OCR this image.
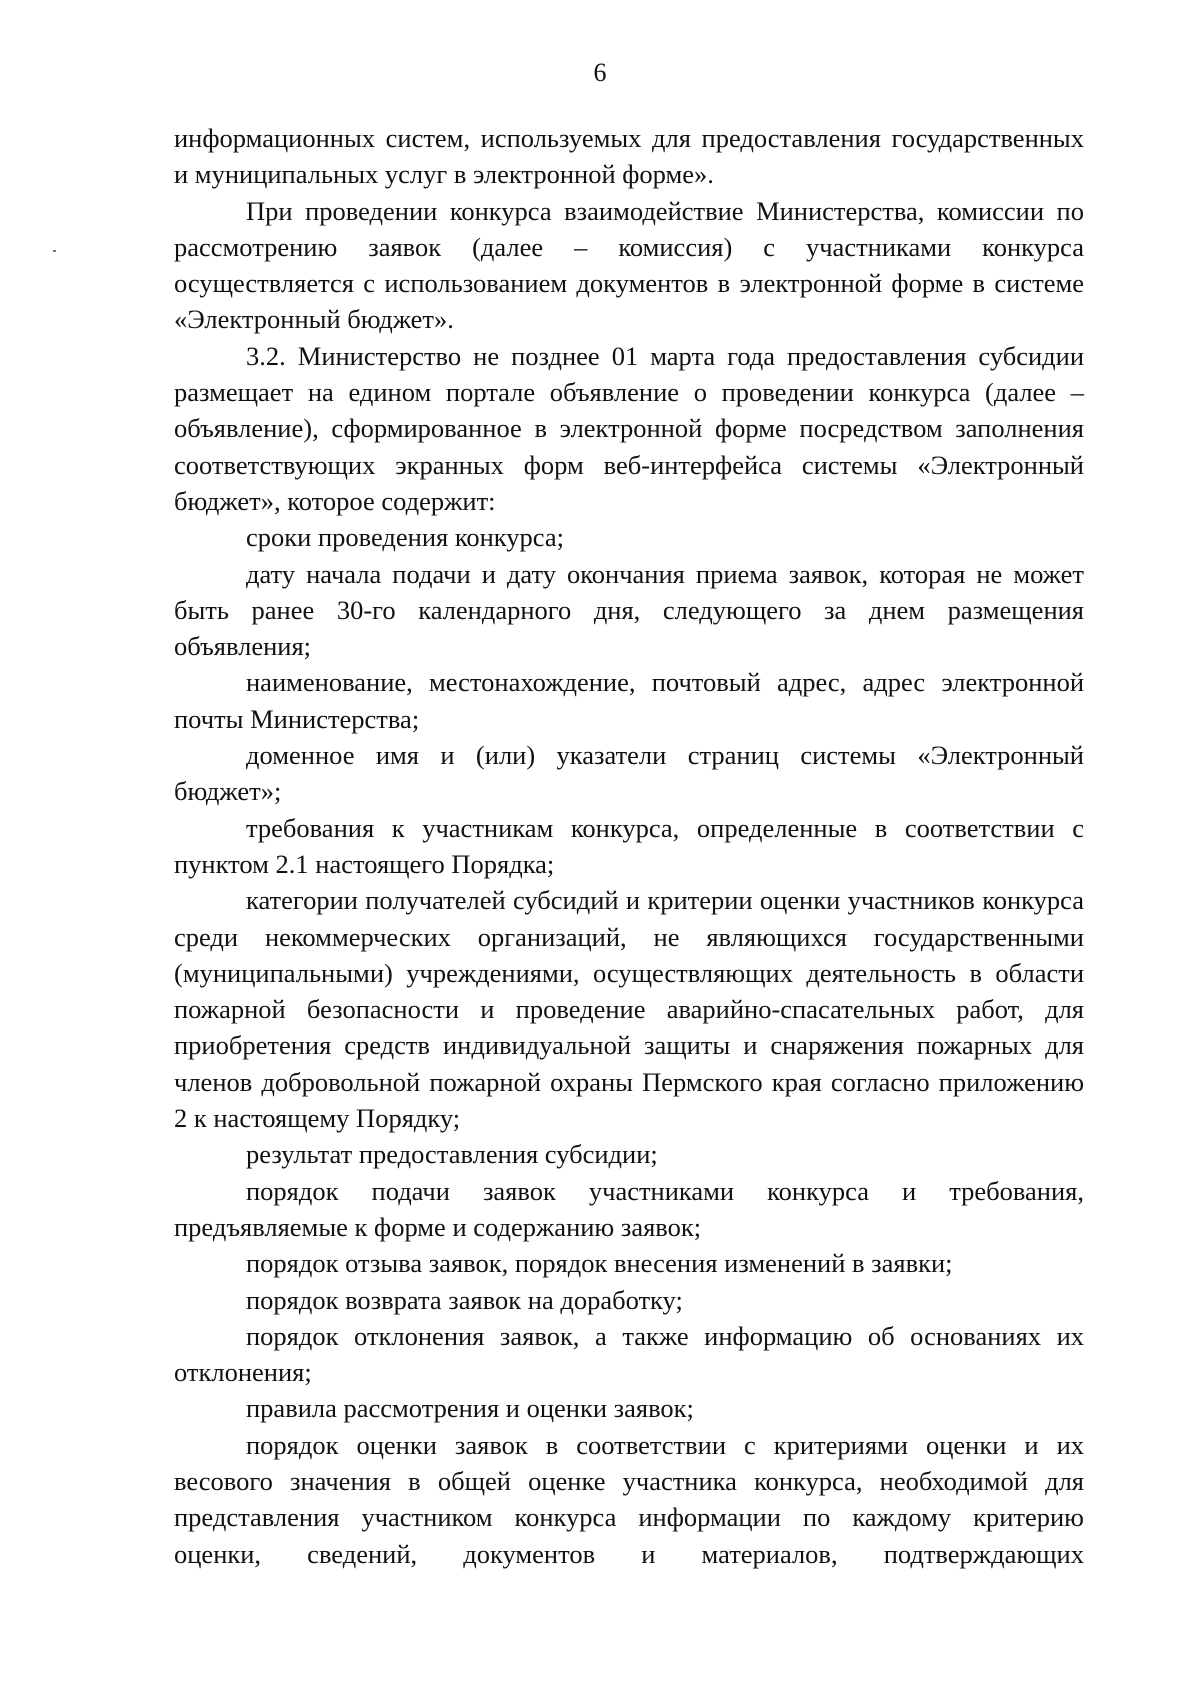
6

информационных систем, используемых для предоставления государственных и муниципальных услуг в электронной форме».

При проведении конкурса взаимодействие Министерства, комиссии по рассмотрению заявок (далее – комиссия) с участниками конкурса осуществляется с использованием документов в электронной форме в системе «Электронный бюджет».

3.2. Министерство не позднее 01 марта года предоставления субсидии размещает на едином портале объявление о проведении конкурса (далее – объявление), сформированное в электронной форме посредством заполнения соответствующих экранных форм веб-интерфейса системы «Электронный бюджет», которое содержит:

сроки проведения конкурса;

дату начала подачи и дату окончания приема заявок, которая не может быть ранее 30-го календарного дня, следующего за днем размещения объявления;

наименование, местонахождение, почтовый адрес, адрес электронной почты Министерства;

доменное имя и (или) указатели страниц системы «Электронный бюджет»;

требования к участникам конкурса, определенные в соответствии с пунктом 2.1 настоящего Порядка;

категории получателей субсидий и критерии оценки участников конкурса среди некоммерческих организаций, не являющихся государственными (муниципальными) учреждениями, осуществляющих деятельность в области пожарной безопасности и проведение аварийно-спасательных работ, для приобретения средств индивидуальной защиты и снаряжения пожарных для членов добровольной пожарной охраны Пермского края согласно приложению 2 к настоящему Порядку;

результат предоставления субсидии;

порядок подачи заявок участниками конкурса и требования, предъявляемые к форме и содержанию заявок;

порядок отзыва заявок, порядок внесения изменений в заявки;

порядок возврата заявок на доработку;

порядок отклонения заявок, а также информацию об основаниях их отклонения;

правила рассмотрения и оценки заявок;

порядок оценки заявок в соответствии с критериями оценки и их весового значения в общей оценке участника конкурса, необходимой для представления участником конкурса информации по каждому критерию оценки, сведений, документов и материалов, подтверждающих
